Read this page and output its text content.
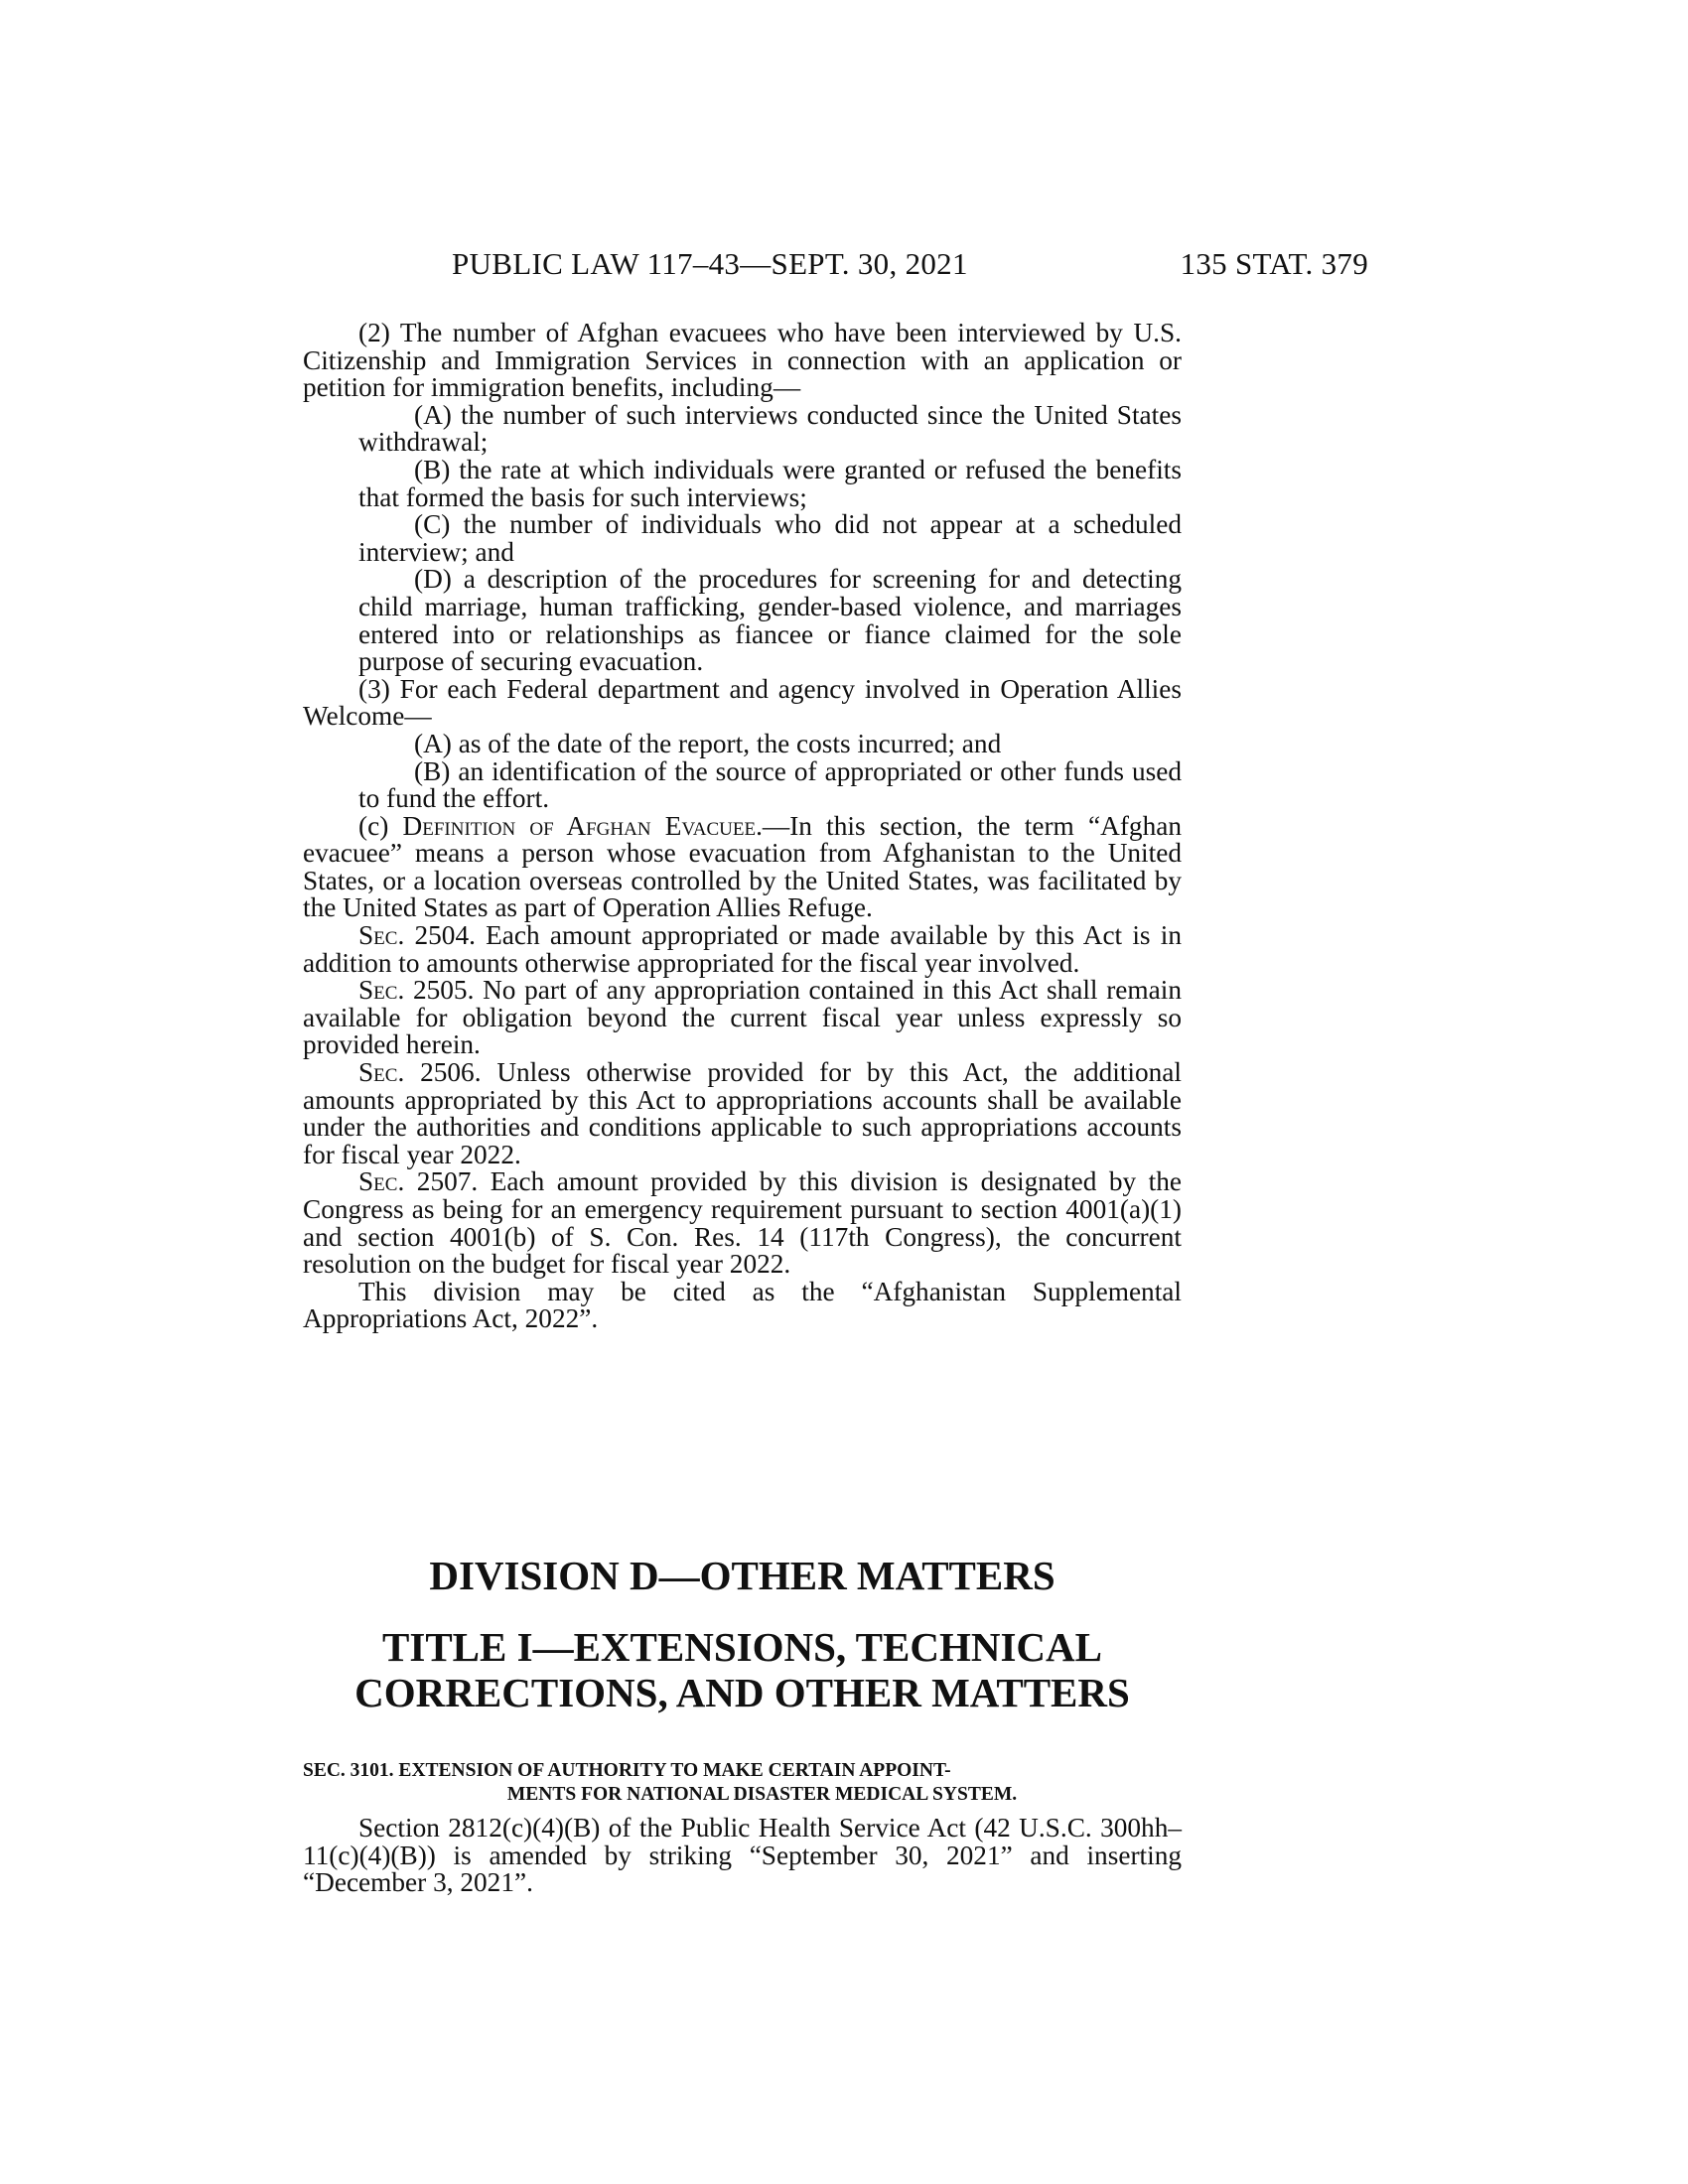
PUBLIC LAW 117–43—SEPT. 30, 2021	135 STAT. 379

(2) The number of Afghan evacuees who have been interviewed by U.S. Citizenship and Immigration Services in connection with an application or petition for immigration benefits, including—

(A) the number of such interviews conducted since the United States withdrawal;

(B) the rate at which individuals were granted or refused the benefits that formed the basis for such interviews;

(C) the number of individuals who did not appear at a scheduled interview; and

(D) a description of the procedures for screening for and detecting child marriage, human trafficking, gender-based violence, and marriages entered into or relationships as fiancee or fiance claimed for the sole purpose of securing evacuation.

(3) For each Federal department and agency involved in Operation Allies Welcome—

(A) as of the date of the report, the costs incurred; and

(B) an identification of the source of appropriated or other funds used to fund the effort.

(c) Definition of Afghan Evacuee.—In this section, the term “Afghan evacuee” means a person whose evacuation from Afghanistan to the United States, or a location overseas controlled by the United States, was facilitated by the United States as part of Operation Allies Refuge.

Sec. 2504. Each amount appropriated or made available by this Act is in addition to amounts otherwise appropriated for the fiscal year involved.

Sec. 2505. No part of any appropriation contained in this Act shall remain available for obligation beyond the current fiscal year unless expressly so provided herein.

Sec. 2506. Unless otherwise provided for by this Act, the additional amounts appropriated by this Act to appropriations accounts shall be available under the authorities and conditions applicable to such appropriations accounts for fiscal year 2022.

Sec. 2507. Each amount provided by this division is designated by the Congress as being for an emergency requirement pursuant to section 4001(a)(1) and section 4001(b) of S. Con. Res. 14 (117th Congress), the concurrent resolution on the budget for fiscal year 2022.

This division may be cited as the “Afghanistan Supplemental Appropriations Act, 2022”.

DIVISION D—OTHER MATTERS
TITLE I—EXTENSIONS, TECHNICAL
CORRECTIONS, AND OTHER MATTERS
SEC. 3101. EXTENSION OF AUTHORITY TO MAKE CERTAIN APPOINT-
MENTS FOR NATIONAL DISASTER MEDICAL SYSTEM.

Section 2812(c)(4)(B) of the Public Health Service Act (42 U.S.C. 300hh–11(c)(4)(B)) is amended by striking “September 30, 2021” and inserting “December 3, 2021”.
